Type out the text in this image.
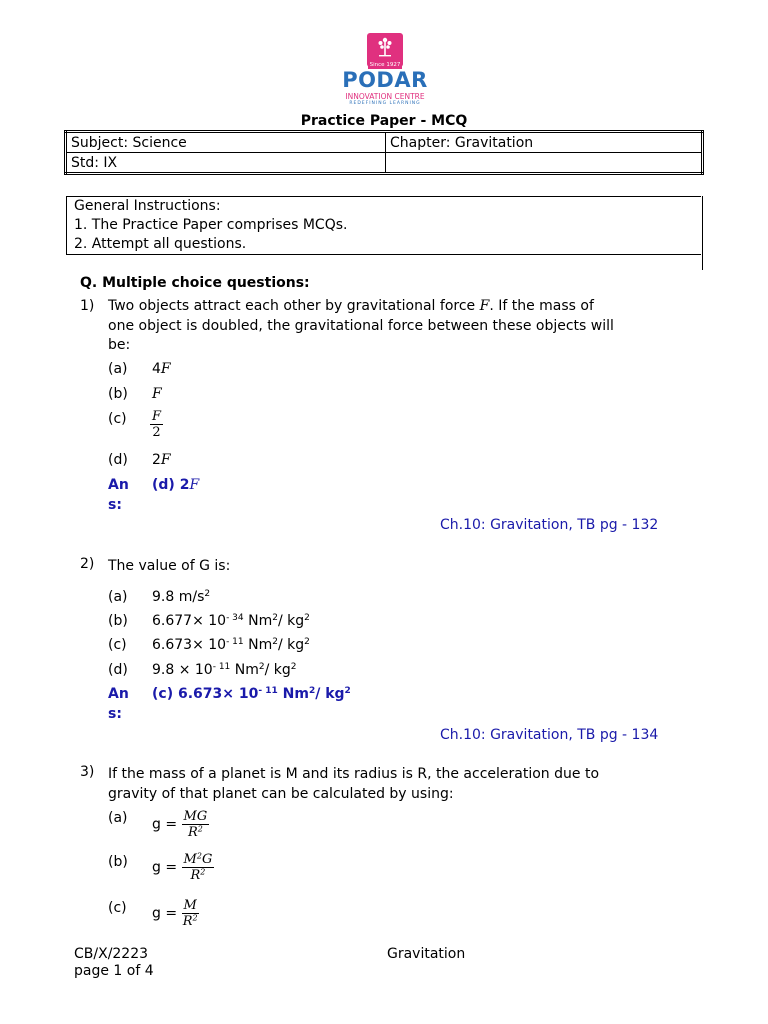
Since 1927
PODAR
INNOVATION CENTRE
REDEFINING LEARNING
Practice Paper - MCQ
Subject: Science	Chapter: Gravitation
Std: IX	
General Instructions:
1. The Practice Paper comprises MCQs.
2. Attempt all questions.
Q. Multiple choice questions:
1) Two objects attract each other by gravitational force F. If the mass of
one object is doubled, the gravitational force between these objects will
be:
(a) 4F
(b) F
$(c) \frac{F}{2}$
(d) 2F
An
s:
(d) 2F
Ch.10: Gravitation, TB pg - 132
2) The value of G is:
(a) 9.8 $m/s^2$
(b) $6.677\times 10^{- 34}$ Nm$^2$/ $kg^2$
(c) $6.673\times 10^{- 11}$ Nm$^2$/ $kg^2$
(d) $9.8 \times 10^{- 11}$ Nm$^2$/ $kg^2$
An
s:
(c) $6.673\times 10^{- 11}$ Nm$^2$/ $kg^2$
Ch.10: Gravitation, TB pg - 134
3) If the mass of a planet is M and its radius is R, the acceleration due to
gravity of that planet can be calculated by using:
(a) $g = \frac{MG}{R^2}$
(b) $g = \frac{M^2G}{R^2}$
(c) $g = \frac{M}{R^2}$
CB/X/2223
page 1 of 4
Gravitation
